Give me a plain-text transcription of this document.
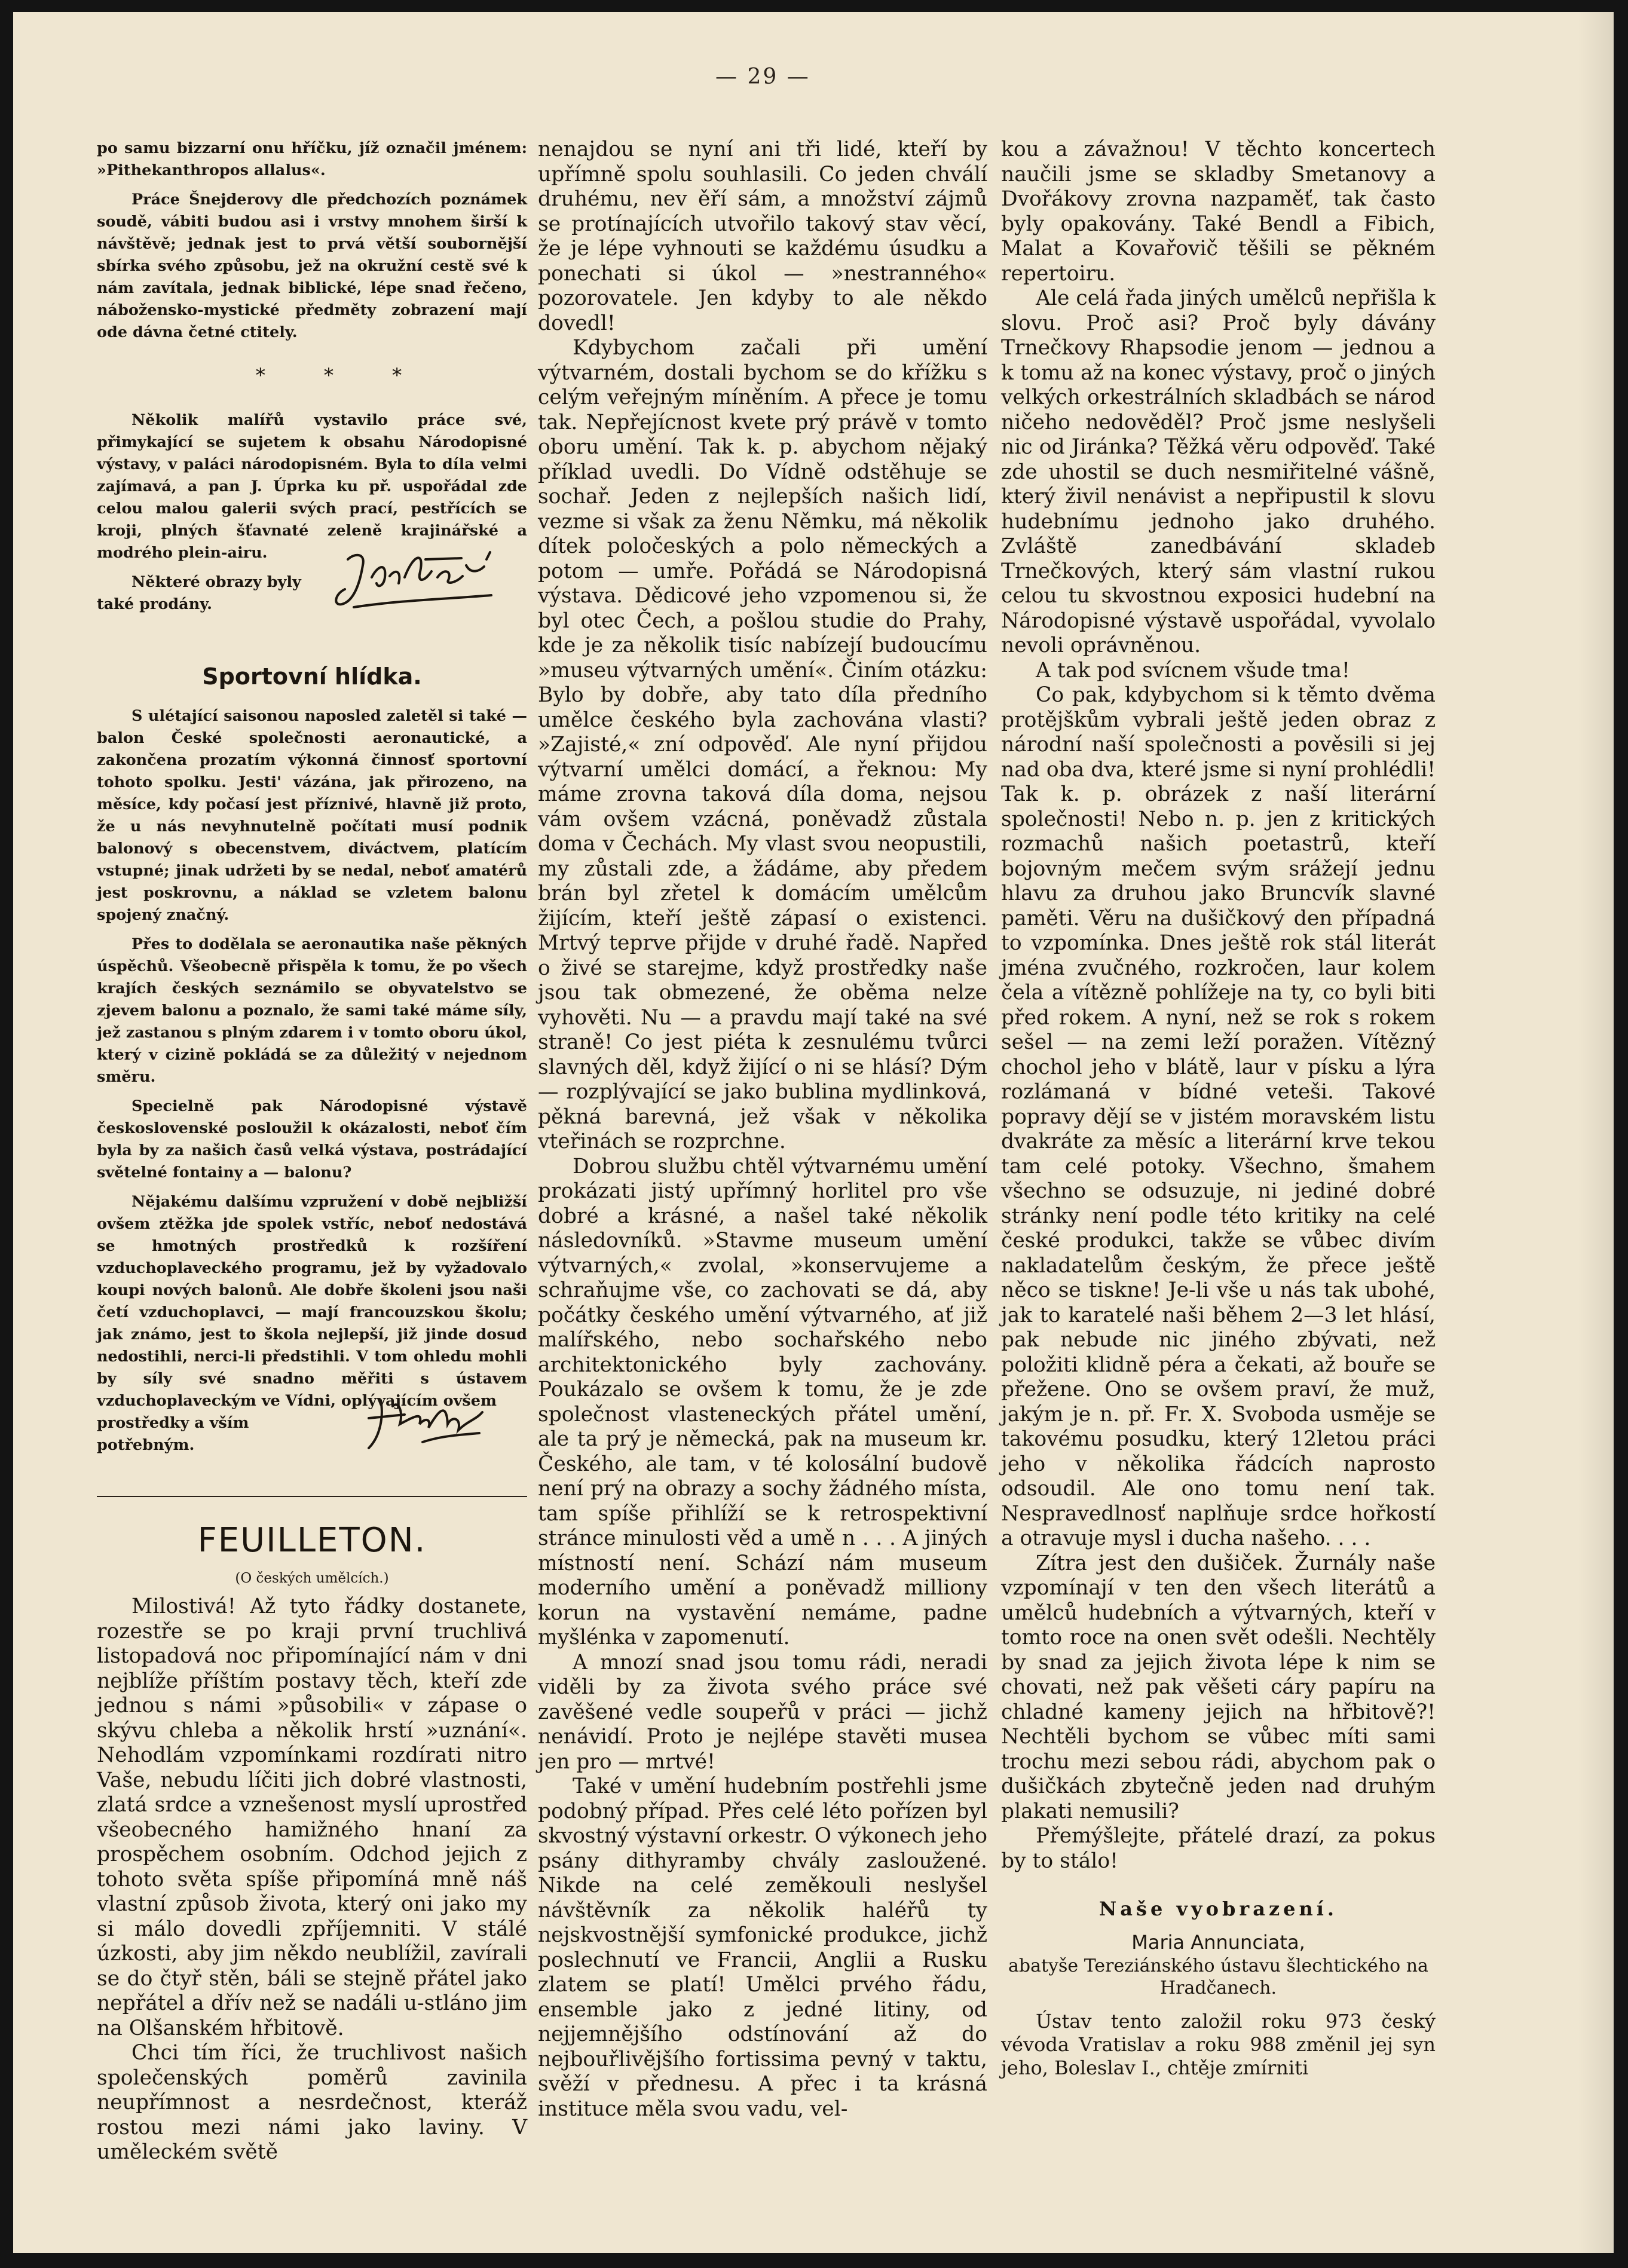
— 29 —

po samu bizzarní onu hříčku, jíž označil jménem: »Pithekanthropos allalus«.

Práce Šnejderovy dle předchozích poznámek soudě, vábiti budou asi i vrstvy mnohem širší k návštěvě; jednak jest to prvá větší soubornější sbírka svého způsobu, jež na okružní cestě své k nám zavítala, jednak biblické, lépe snad řečeno, nábožensko-mystické předměty zobrazení mají ode dávna četné ctitely.

* * *

Několik malířů vystavilo práce své, přimykající se sujetem k obsahu Národopisné výstavy, v paláci národopisném. Byla to díla velmi zajímavá, a pan J. Úprka ku př. uspořádal zde celou malou galerii svých prací, pestřících se kroji, plných šťavnaté zeleně krajinářské a modrého plein-airu.

Některé obrazy byly také prodány.
Sportovní hlídka.

S ulétající saisonou naposled zaletěl si také — balon České společnosti aeronautické, a zakončena prozatím výkonná činnosť sportovní tohoto spolku. Jesti' vázána, jak přirozeno, na měsíce, kdy počasí jest příznivé, hlavně již proto, že u nás nevyhnutelně počítati musí podnik balonový s obecenstvem, diváctvem, platícím vstupné; jinak udržeti by se nedal, neboť amatérů jest poskrovnu, a náklad se vzletem balonu spojený značný.

Přes to dodělala se aeronautika naše pěkných úspěchů. Všeobecně přispěla k tomu, že po všech krajích českých seznámilo se obyvatelstvo se zjevem balonu a poznalo, že sami také máme síly, jež zastanou s plným zdarem i v tomto oboru úkol, který v cizině pokládá se za důležitý v nejednom směru.

Specielně pak Národopisné výstavě československé posloužil k okázalosti, neboť čím byla by za našich časů velká výstava, postrádající světelné fontainy a — balonu?

Nějakému dalšímu vzpružení v době nejbližší ovšem ztěžka jde spolek vstříc, neboť nedostává se hmotných prostředků k rozšíření vzduchoplaveckého programu, jež by vyžadovalo koupi nových balonů. Ale dobře školeni jsou naši četí vzduchoplavci, — mají francouzskou školu; jak známo, jest to škola nejlepší, již jinde dosud nedostihli, nerci-li předstihli. V tom ohledu mohli by síly své snadno měřiti s ústavem vzduchoplaveckým ve Vídni, oplývajícím ovšem

prostředky a vším potřebným.
FEUILLETON.
(O českých umělcích.)

Milostivá! Až tyto řádky dostanete, rozestře se po kraji první truchlivá listopadová noc připomínající nám v dni nejblíže příštím postavy těch, kteří zde jednou s námi »působili« v zápase o skývu chleba a několik hrstí »uznání«. Nehodlám vzpomínkami rozdírati nitro Vaše, nebudu líčiti jich dobré vlastnosti, zlatá srdce a vznešenost myslí uprostřed všeobecného hamižného hnaní za prospěchem osobním. Odchod jejich z tohoto světa spíše připomíná mně náš vlastní způsob života, který oni jako my si málo dovedli zpříjemniti. V stálé úzkosti, aby jim někdo neublížil, zavírali se do čtyř stěn, báli se stejně přátel jako nepřátel a dřív než se nadáli u-stláno jim na Olšanském hřbitově.

Chci tím říci, že truchlivost našich společenských poměrů zavinila neupřímnost a nesrdečnost, kteráž rostou mezi námi jako laviny. V uměleckém světě

nenajdou se nyní ani tři lidé, kteří by upřímně spolu souhlasili. Co jeden chválí druhému, nev ěří sám, a množství zájmů se protínajících utvořilo takový stav věcí, že je lépe vyhnouti se každému úsudku a ponechati si úkol — »nestranného« pozorovatele. Jen kdyby to ale někdo dovedl!

Kdybychom začali při umění výtvarném, dostali bychom se do křížku s celým veřejným míněním. A přece je tomu tak. Nepřejícnost kvete prý právě v tomto oboru umění. Tak k. p. abychom nějaký příklad uvedli. Do Vídně odstěhuje se sochař. Jeden z nejlepších našich lidí, vezme si však za ženu Němku, má několik dítek poločeských a polo německých a potom — umře. Pořádá se Národopisná výstava. Dědicové jeho vzpomenou si, že byl otec Čech, a pošlou studie do Prahy, kde je za několik tisíc nabízejí budoucímu »museu výtvarných umění«. Činím otázku: Bylo by dobře, aby tato díla předního umělce českého byla zachována vlasti? »Zajisté,« zní odpověď. Ale nyní přijdou výtvarní umělci domácí, a řeknou: My máme zrovna taková díla doma, nejsou vám ovšem vzácná, poněvadž zůstala doma v Čechách. My vlast svou neopustili, my zůstali zde, a žádáme, aby předem brán byl zřetel k domácím umělcům žijícím, kteří ještě zápasí o existenci. Mrtvý teprve přijde v druhé řadě. Napřed o živé se starejme, když prostředky naše jsou tak obmezené, že oběma nelze vyhověti. Nu — a pravdu mají také na své straně! Co jest piéta k zesnulému tvůrci slavných děl, když žijící o ni se hlásí? Dým — rozplývající se jako bublina mydlinková, pěkná barevná, jež však v několika vteřinách se rozprchne.

Dobrou službu chtěl výtvarnému umění prokázati jistý upřímný horlitel pro vše dobré a krásné, a našel také několik následovníků. »Stavme museum umění výtvarných,« zvolal, »konservujeme a schraňujme vše, co zachovati se dá, aby počátky českého umění výtvarného, ať již malířského, nebo sochařského nebo architektonického byly zachovány. Poukázalo se ovšem k tomu, že je zde společnost vlasteneckých přátel umění, ale ta prý je německá, pak na museum kr. Českého, ale tam, v té kolosální budově není prý na obrazy a sochy žádného místa, tam spíše přihlíží se k retrospektivní stránce minulosti věd a umě n . . . A jiných místností není. Schází nám museum moderního umění a poněvadž milliony korun na vystavění nemáme, padne myšlénka v zapomenutí.

A mnozí snad jsou tomu rádi, neradi viděli by za života svého práce své zavěšené vedle soupeřů v práci — jichž nenávidí. Proto je nejlépe stavěti musea jen pro — mrtvé!

Také v umění hudebním postřehli jsme podobný případ. Přes celé léto pořízen byl skvostný výstavní orkestr. O výkonech jeho psány dithyramby chvály zasloužené. Nikde na celé zeměkouli neslyšel návštěvník za několik haléřů ty nejskvostnější symfonické produkce, jichž poslechnutí ve Francii, Anglii a Rusku zlatem se platí! Umělci prvého řádu, ensemble jako z jedné litiny, od nejjemnějšího odstínování až do nejbouřlivějšího fortissima pevný v taktu, svěží v přednesu. A přec i ta krásná instituce měla svou vadu, vel-

kou a závažnou! V těchto koncertech naučili jsme se skladby Smetanovy a Dvořákovy zrovna nazpaměť, tak často byly opakovány. Také Bendl a Fibich, Malat a Kovařovič těšili se pěkném repertoiru.

Ale celá řada jiných umělců nepřišla k slovu. Proč asi? Proč byly dávány Trnečkovy Rhapsodie jenom — jednou a k tomu až na konec výstavy, proč o jiných velkých orkestrálních skladbách se národ ničeho nedověděl? Proč jsme neslyšeli nic od Jiránka? Těžká věru odpověď. Také zde uhostil se duch nesmiřitelné vášně, který živil nenávist a nepřipustil k slovu hudebnímu jednoho jako druhého. Zvláště zanedbávání skladeb Trnečkových, který sám vlastní rukou celou tu skvostnou exposici hudební na Národopisné výstavě uspořádal, vyvolalo nevoli oprávněnou.

A tak pod svícnem všude tma!

Co pak, kdybychom si k těmto dvěma protějškům vybrali ještě jeden obraz z národní naší společnosti a pověsili si jej nad oba dva, které jsme si nyní prohlédli! Tak k. p. obrázek z naší literární společnosti! Nebo n. p. jen z kritických rozmachů našich poetastrů, kteří bojovným mečem svým srážejí jednu hlavu za druhou jako Bruncvík slavné paměti. Věru na dušičkový den případná to vzpomínka. Dnes ještě rok stál literát jména zvučného, rozkročen, laur kolem čela a vítězně pohlížeje na ty, co byli biti před rokem. A nyní, než se rok s rokem sešel — na zemi leží poražen. Vítězný chochol jeho v blátě, laur v písku a lýra rozlámaná v bídné veteši. Takové popravy dějí se v jistém moravském listu dvakráte za měsíc a literární krve tekou tam celé potoky. Všechno, šmahem všechno se odsuzuje, ni jediné dobré stránky není podle této kritiky na celé české produkci, takže se vůbec divím nakladatelům českým, že přece ještě něco se tiskne! Je-li vše u nás tak ubohé, jak to karatelé naši během 2—3 let hlásí, pak nebude nic jiného zbývati, než položiti klidně péra a čekati, až bouře se přežene. Ono se ovšem praví, že muž, jakým je n. př. Fr. X. Svoboda usměje se takovému posudku, který 12letou práci jeho v několika řádcích naprosto odsoudil. Ale ono tomu není tak. Nespravedlnosť naplňuje srdce hořkostí a otravuje mysl i ducha našeho. . . .

Zítra jest den dušiček. Žurnály naše vzpomínají v ten den všech literátů a umělců hudebních a výtvarných, kteří v tomto roce na onen svět odešli. Nechtěly by snad za jejich života lépe k nim se chovati, než pak věšeti cáry papíru na chladné kameny jejich na hřbitově?! Nechtěli bychom se vůbec míti sami trochu mezi sebou rádi, abychom pak o dušičkách zbytečně jeden nad druhým plakati nemusili?

Přemýšlejte, přátelé drazí, za pokus by to stálo!

Naše vyobrazení.
Maria Annunciata,
abatyše Tereziánského ústavu šlechtického na Hradčanech.

Ústav tento založil roku 973 český vévoda Vratislav a roku 988 změnil jej syn jeho, Boleslav I., chtěje zmírniti
